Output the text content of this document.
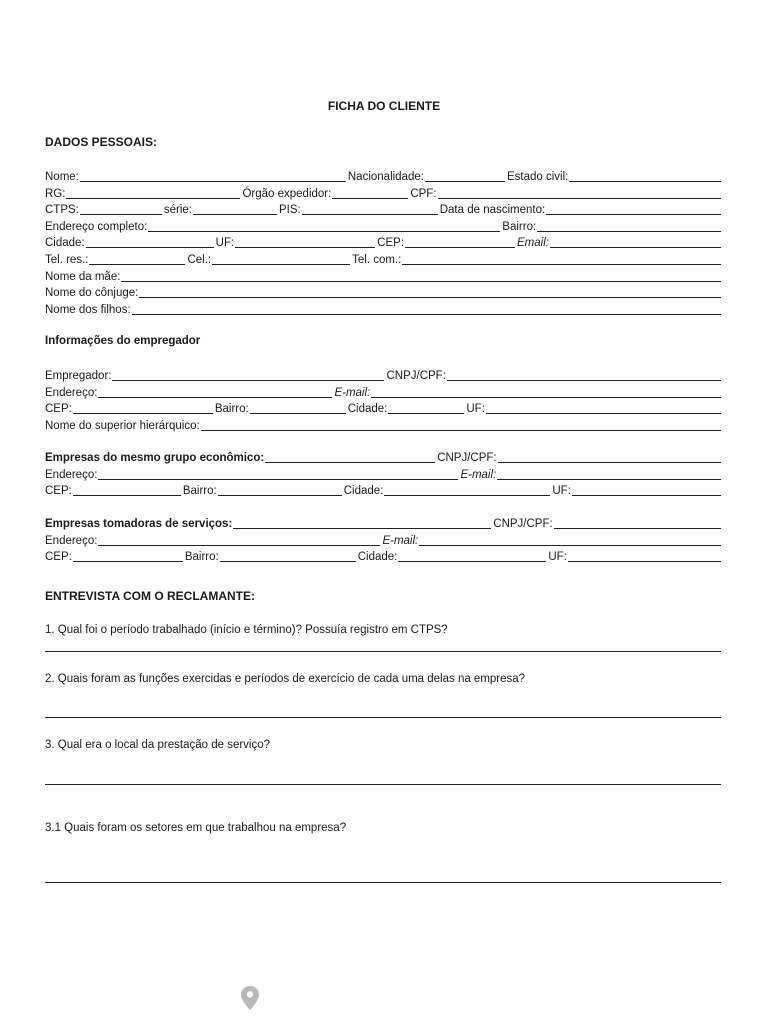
FICHA DO CLIENTE
DADOS PESSOAIS:
Nome:	Nacionalidade:	Estado civil:
RG:	Órgão expedidor:	CPF:
CTPS:	série:	PIS:	Data de nascimento:
Endereço completo:	Bairro:
Cidade:	UF:	CEP:	Email:
Tel. res.:	Cel.:	Tel. com.:
Nome da mãe:
Nome do cônjuge:
Nome dos filhos:
Informações do empregador
Empregador:	CNPJ/CPF:
Endereço:	E-mail:
CEP:	Bairro:	Cidade:	UF:
Nome do superior hierárquico:
Empresas do mesmo grupo econômico:	CNPJ/CPF:
Endereço:	E-mail:
CEP:	Bairro:	Cidade:	UF:
Empresas tomadoras de serviços:	CNPJ/CPF:
Endereço:	E-mail:
CEP:	Bairro:	Cidade:	UF:
ENTREVISTA COM O RECLAMANTE:
1. Qual foi o período trabalhado (início e término)? Possuía registro em CTPS?
2. Quais foram as funções exercidas e períodos de exercício de cada uma delas na empresa?
3. Qual era o local da prestação de serviço?
3.1 Quais foram os setores em que trabalhou na empresa?
